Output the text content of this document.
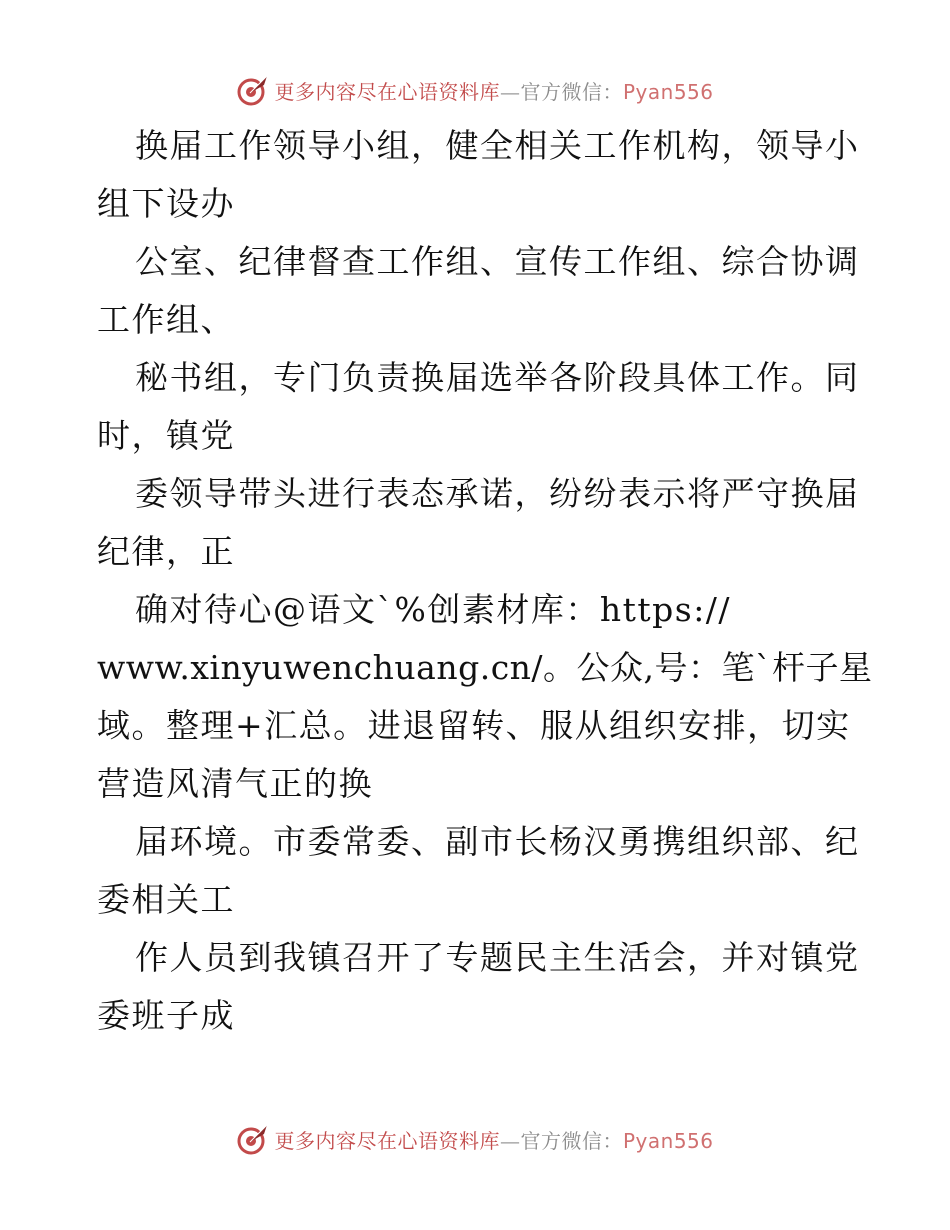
更多内容尽在心语资料库—官方微信：Pyan556
换届工作领导小组，健全相关工作机构，领导小
组下设办
公室、纪律督查工作组、宣传工作组、综合协调
工作组、
秘书组，专门负责换届选举各阶段具体工作。同
时，镇党
委领导带头进行表态承诺，纷纷表示将严守换届
纪律，正
确对待心@语文`%创素材库：https://
www.xinyuwenchuang.cn/。公众,号：笔`杆子星
域。整理+汇总。进退留转、服从组织安排，切实
营造风清气正的换
届环境。市委常委、副市长杨汉勇携组织部、纪
委相关工
作人员到我镇召开了专题民主生活会，并对镇党
委班子成
更多内容尽在心语资料库—官方微信：Pyan556
